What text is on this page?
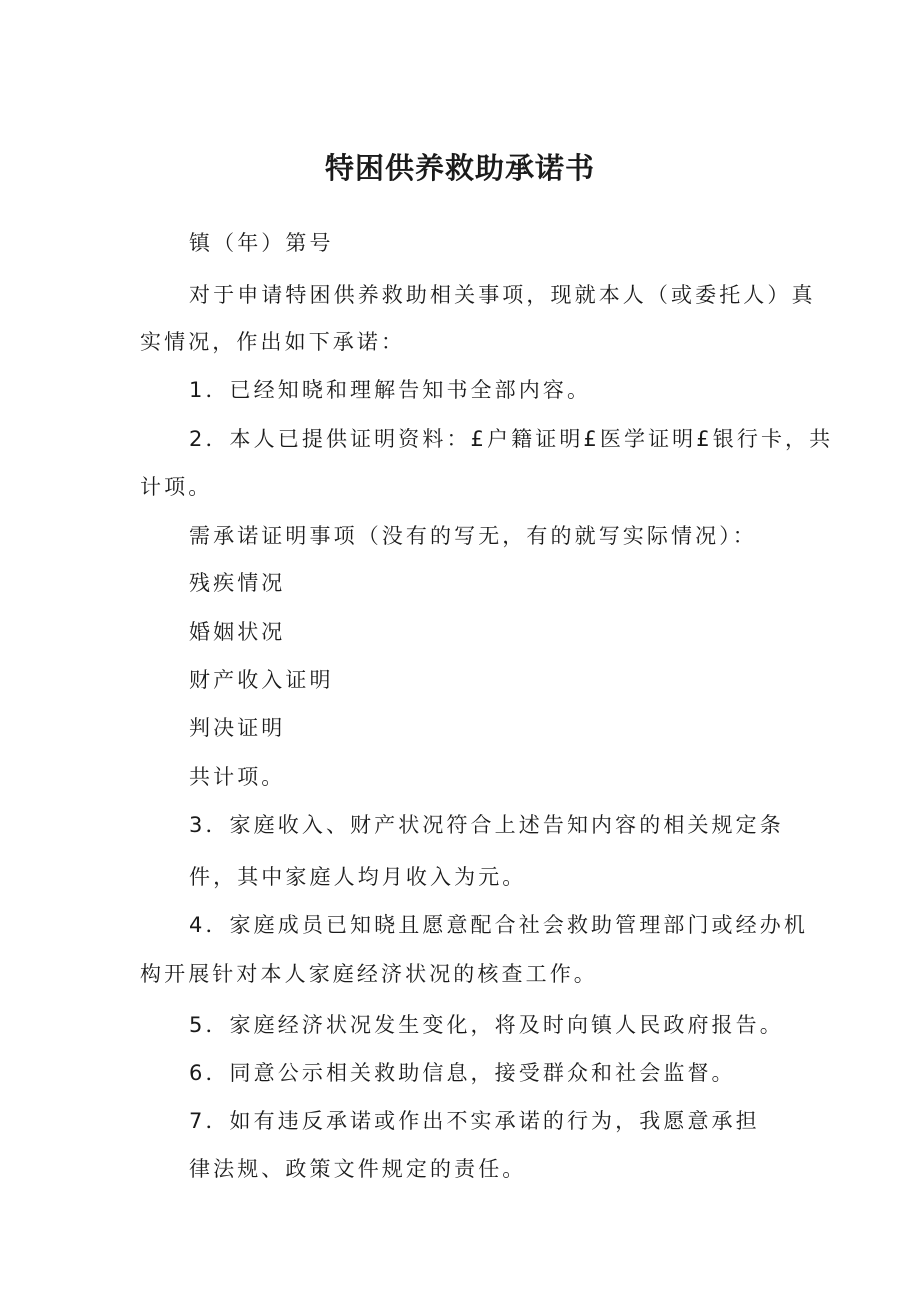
特困供养救助承诺书
镇（年）第号
对于申请特困供养救助相关事项，现就本人（或委托人）真
实情况，作出如下承诺：
1．已经知晓和理解告知书全部内容。
2．本人已提供证明资料：£户籍证明£医学证明£银行卡，共
计项。
需承诺证明事项（没有的写无，有的就写实际情况）：
残疾情况
婚姻状况
财产收入证明
判决证明
共计项。
3．家庭收入、财产状况符合上述告知内容的相关规定条
件，其中家庭人均月收入为元。
4．家庭成员已知晓且愿意配合社会救助管理部门或经办机
构开展针对本人家庭经济状况的核查工作。
5．家庭经济状况发生变化，将及时向镇人民政府报告。
6．同意公示相关救助信息，接受群众和社会监督。
7．如有违反承诺或作出不实承诺的行为，我愿意承担
律法规、政策文件规定的责任。
